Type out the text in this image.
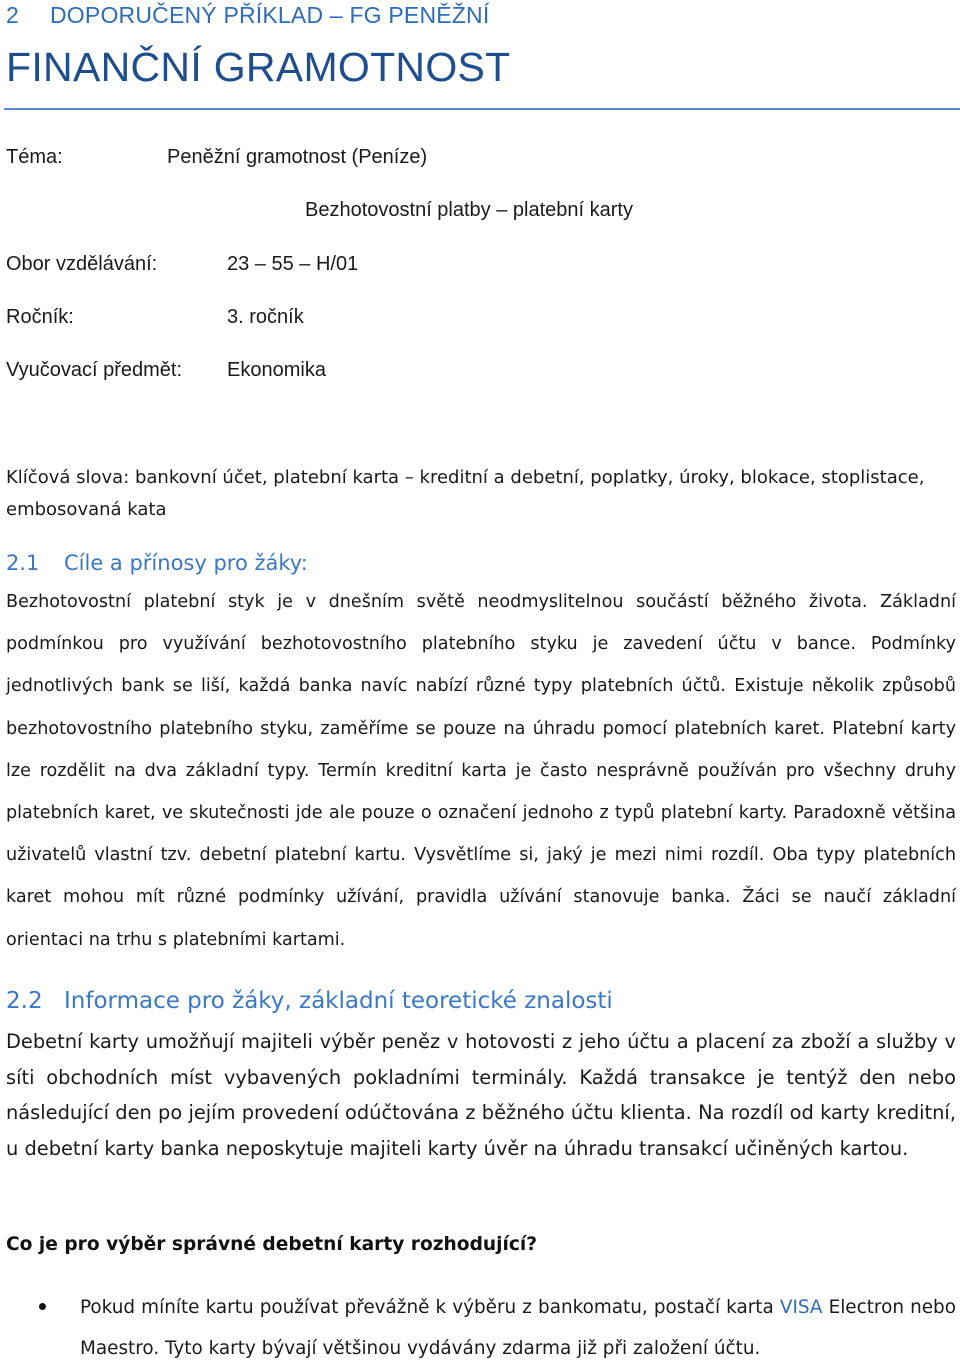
2 DOPORUČENÝ PŘÍKLAD – FG PENĚŽNÍ
FINANČNÍ GRAMOTNOST
Téma:	Peněžní gramotnost (Peníze)
Bezhotovostní platby – platební karty
Obor vzdělávání:	23 – 55 – H/01
Ročník:	3. ročník
Vyučovací předmět: Ekonomika
Klíčová slova: bankovní účet, platební karta – kreditní a debetní, poplatky, úroky, blokace, stoplistace, embosovaná kata
2.1 Cíle a přínosy pro žáky:
Bezhotovostní platební styk je v dnešním světě neodmyslitelnou součástí běžného života. Základní podmínkou pro využívání bezhotovostního platebního styku je zavedení účtu v bance. Podmínky jednotlivých bank se liší, každá banka navíc nabízí různé typy platebních účtů. Existuje několik způsobů bezhotovostního platebního styku, zaměříme se pouze na úhradu pomocí platebních karet. Platební karty lze rozdělit na dva základní typy. Termín kreditní karta je často nesprávně používán pro všechny druhy platebních karet, ve skutečnosti jde ale pouze o označení jednoho z typů platební karty. Paradoxně většina uživatelů vlastní tzv. debetní platební kartu. Vysvětlíme si, jaký je mezi nimi rozdíl. Oba typy platebních karet mohou mít různé podmínky užívání, pravidla užívání stanovuje banka. Žáci se naučí základní orientaci na trhu s platebními kartami.
2.2 Informace pro žáky, základní teoretické znalosti
Debetní karty umožňují majiteli výběr peněz v hotovosti z jeho účtu a placení za zboží a služby v síti obchodních míst vybavených pokladními terminály. Každá transakce je tentýž den nebo následující den po jejím provedení odúčtována z běžného účtu klienta. Na rozdíl od karty kreditní, u debetní karty banka neposkytuje majiteli karty úvěr na úhradu transakcí učiněných kartou.
Co je pro výběr správné debetní karty rozhodující?
Pokud míníte kartu používat převážně k výběru z bankomatu, postačí karta VISA Electron nebo Maestro. Tyto karty bývají většinou vydávány zdarma již při založení účtu.
